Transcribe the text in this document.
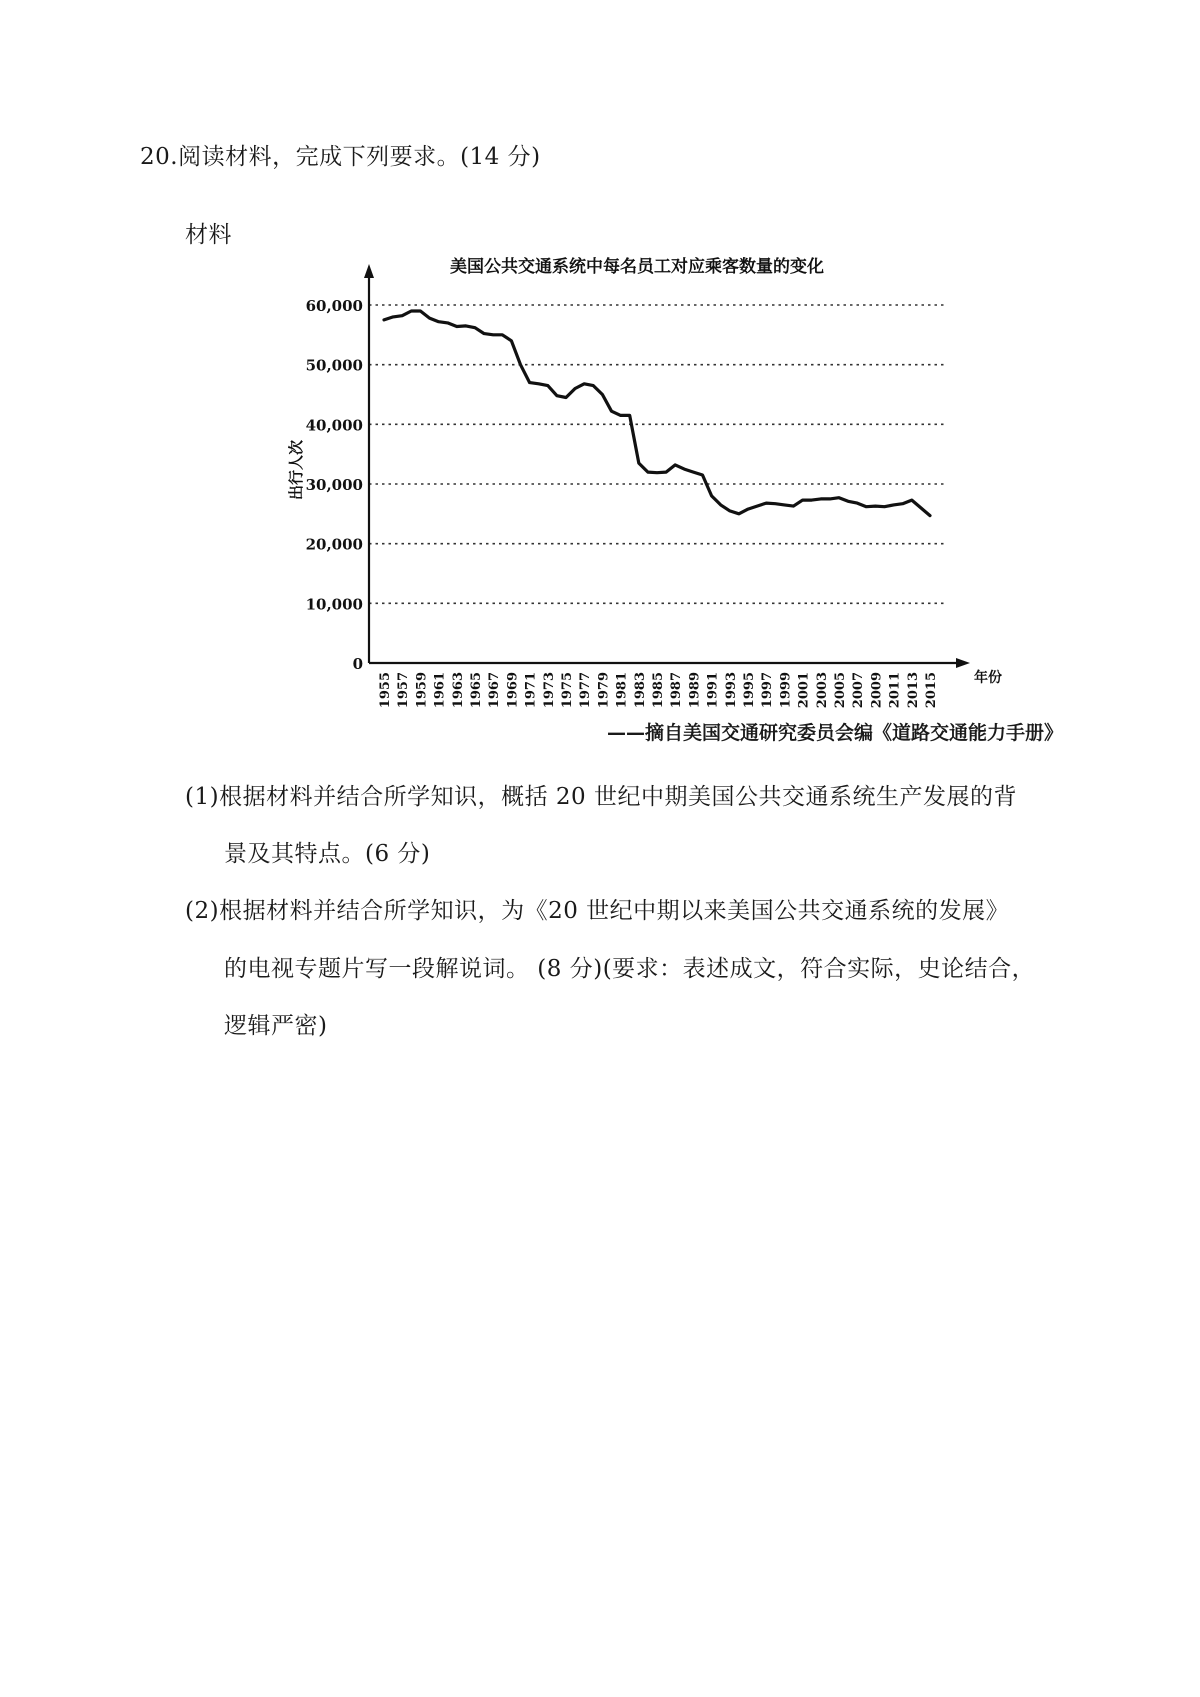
20.阅读材料，完成下列要求。(14 分)
材料
美国公共交通系统中每名员工对应乘客数量的变化
出行人次
年份
0
10,000
20,000
30,000
40,000
50,000
60,000
1955 1957 1959 1961 1963 1965 1967 1969 1971 1973 1975 1977 1979 1981 1983 1985 1987 1989 1991 1993 1995 1997 1999 2001 2003 2005 2007 2009 2011 2013 2015
——摘自美国交通研究委员会编《道路交通能力手册》
(1)根据材料并结合所学知识，概括 20 世纪中期美国公共交通系统生产发展的背
景及其特点。(6 分)
(2)根据材料并结合所学知识，为《20 世纪中期以来美国公共交通系统的发展》
的电视专题片写一段解说词。 (8 分)(要求：表述成文，符合实际，史论结合，
逻辑严密)
